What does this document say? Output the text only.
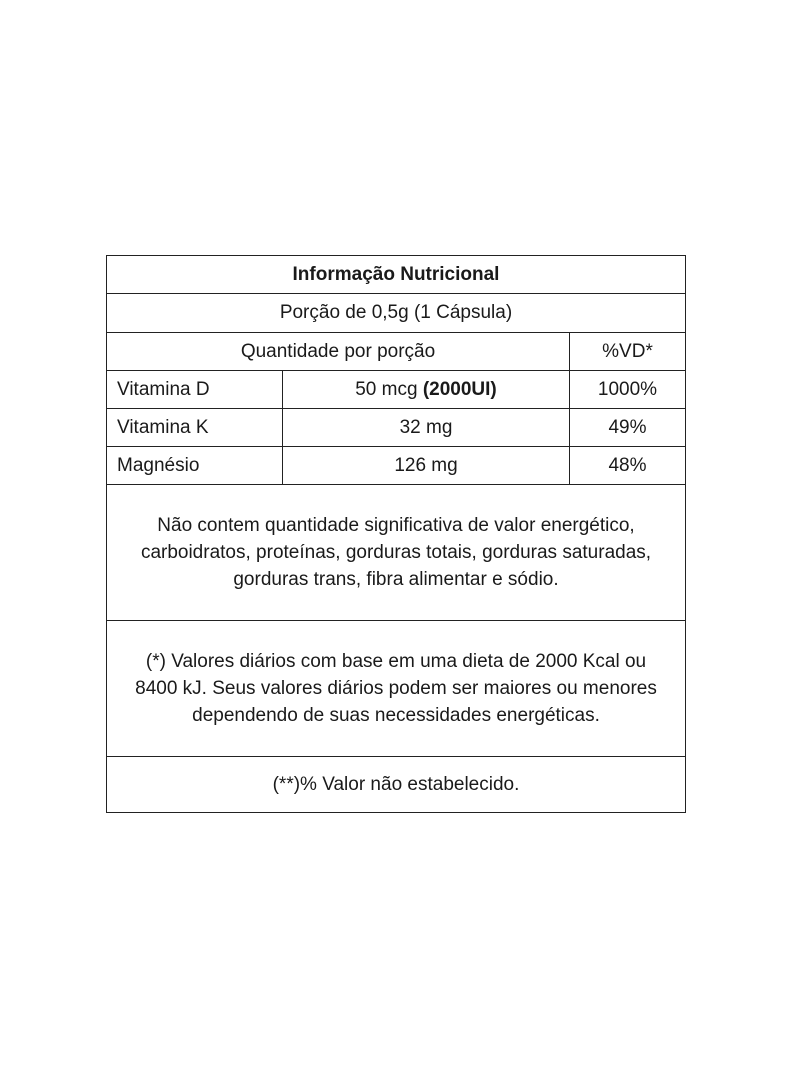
Informação Nutricional		
Porção de 0,5g (1 Cápsula)		
Quantidade por porção		%VD*
Vitamina D	50 mcg (2000UI)	1000%
Vitamina K	32 mg	49%
Magnésio	126 mg	48%
Não contem quantidade significativa de valor energético, carboidratos, proteínas, gorduras totais, gorduras saturadas, gorduras trans, fibra alimentar e sódio.		
(*) Valores diários com base em uma dieta de 2000 Kcal ou 8400 kJ. Seus valores diários podem ser maiores ou menores dependendo de suas necessidades energéticas.		
(**)% Valor não estabelecido.		
